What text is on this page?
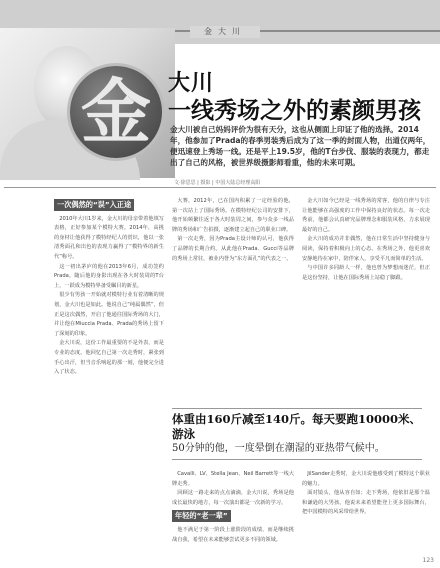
金大川
金 大川
一线秀场之外的素颜男孩
金大川被自己妈妈评价为很有天分，这也从侧面上印证了他的选择。2014年，他参加了Prada的春季男装秀后成为了这一季的封面人物，出道仅两年，便迅速登上秀场一线。还是平上19.5岁，他的T台步伐、服装的表现力，都走出了自己的风格，被世界级摄影师看重，他的未来可期。
文·徐思思 | 摄影 | 中国大陆总经理高阳
一次偶然的“误”入正途

2010年大川1岁来，金大川的母亲带着他填写表格，正好参加某个模特大赛。2014年，高挑的身材让他获得了模特经纪人的赏识，他以一张清秀面孔和出色的表现力赢得了“模特界的新生代”称号。

这一初出茅庐的他在2013年6月，成功签约Prada。随后他的身影出现在各大时装周的T台上，一跃成为模特界备受瞩目的新星。

很少有男孩一开始就对模特行业有着清晰的规划，金大川也是如此。他说自己“纯属偶然”，但正是这次偶然，开启了他通往国际秀场的大门，并让他在Miuccia Prada、Prada的秀场上留下了深刻的印象。

金大川说，这份工作最重要的不是外表，而是专业的态度。他回忆自己第一次走秀时，紧张到手心出汗，但当音乐响起的那一刻，他便完全进入了状态。

大赛，2012年，已在国内积累了一定经验的他，第一次站上了国际秀场。在模特经纪公司的安排下，他开始频繁往返于各大时装周之间，参与众多一线品牌的秀场和广告拍摄，逐渐建立起自己的职业口碑。

第一次走秀，因为Prada主设计师的认可，他获得了品牌的长期合约。从此他在Prada、Gucci等品牌的秀场上常驻，被业内誉为“东方面孔”的代表之一。

金大川如今已经是一线秀场的常客，他的自律与专注让他能够在高强度的工作中保持良好的状态。每一次走秀前，他都会认真研究品牌理念和服装风格，力求展现最好的自己。

金大川的成功并非偶然，他在日常生活中坚持健身与阅读，保持着积极向上的心态。在秀场之外，他更喜欢安静地待在家中，陪伴家人，享受平凡而简单的生活。

与中国许多同龄人一样，他也曾为梦想而迷茫，但正是这份坚持，让他在国际秀场上站稳了脚跟。

体重由160斤减至140斤。每天要跑10000米、游泳
50分钟的他，一度晕倒在潮湿的亚热带气候中。

Cavalli、LV、Stella Jean、Neil Barrett等一线大牌走秀。

回顾这一路走来的点点滴滴，金大川说，秀场是他成长最快的地方，每一次演出都是一次新的学习。

年轻的“老一辈”

他不满足于第一阶段上涨阶段的成绩，而是继续挑战自我，希望在未来能够尝试更多不同的领域。

JilSander走秀时，金大川说他感受到了模特这个职业的魅力。

面对镜头，他从容自如；走下秀场，他依旧是那个温和谦逊的大男孩。他说未来希望能登上更多国际舞台，把中国模特的风采带给世界。

123
